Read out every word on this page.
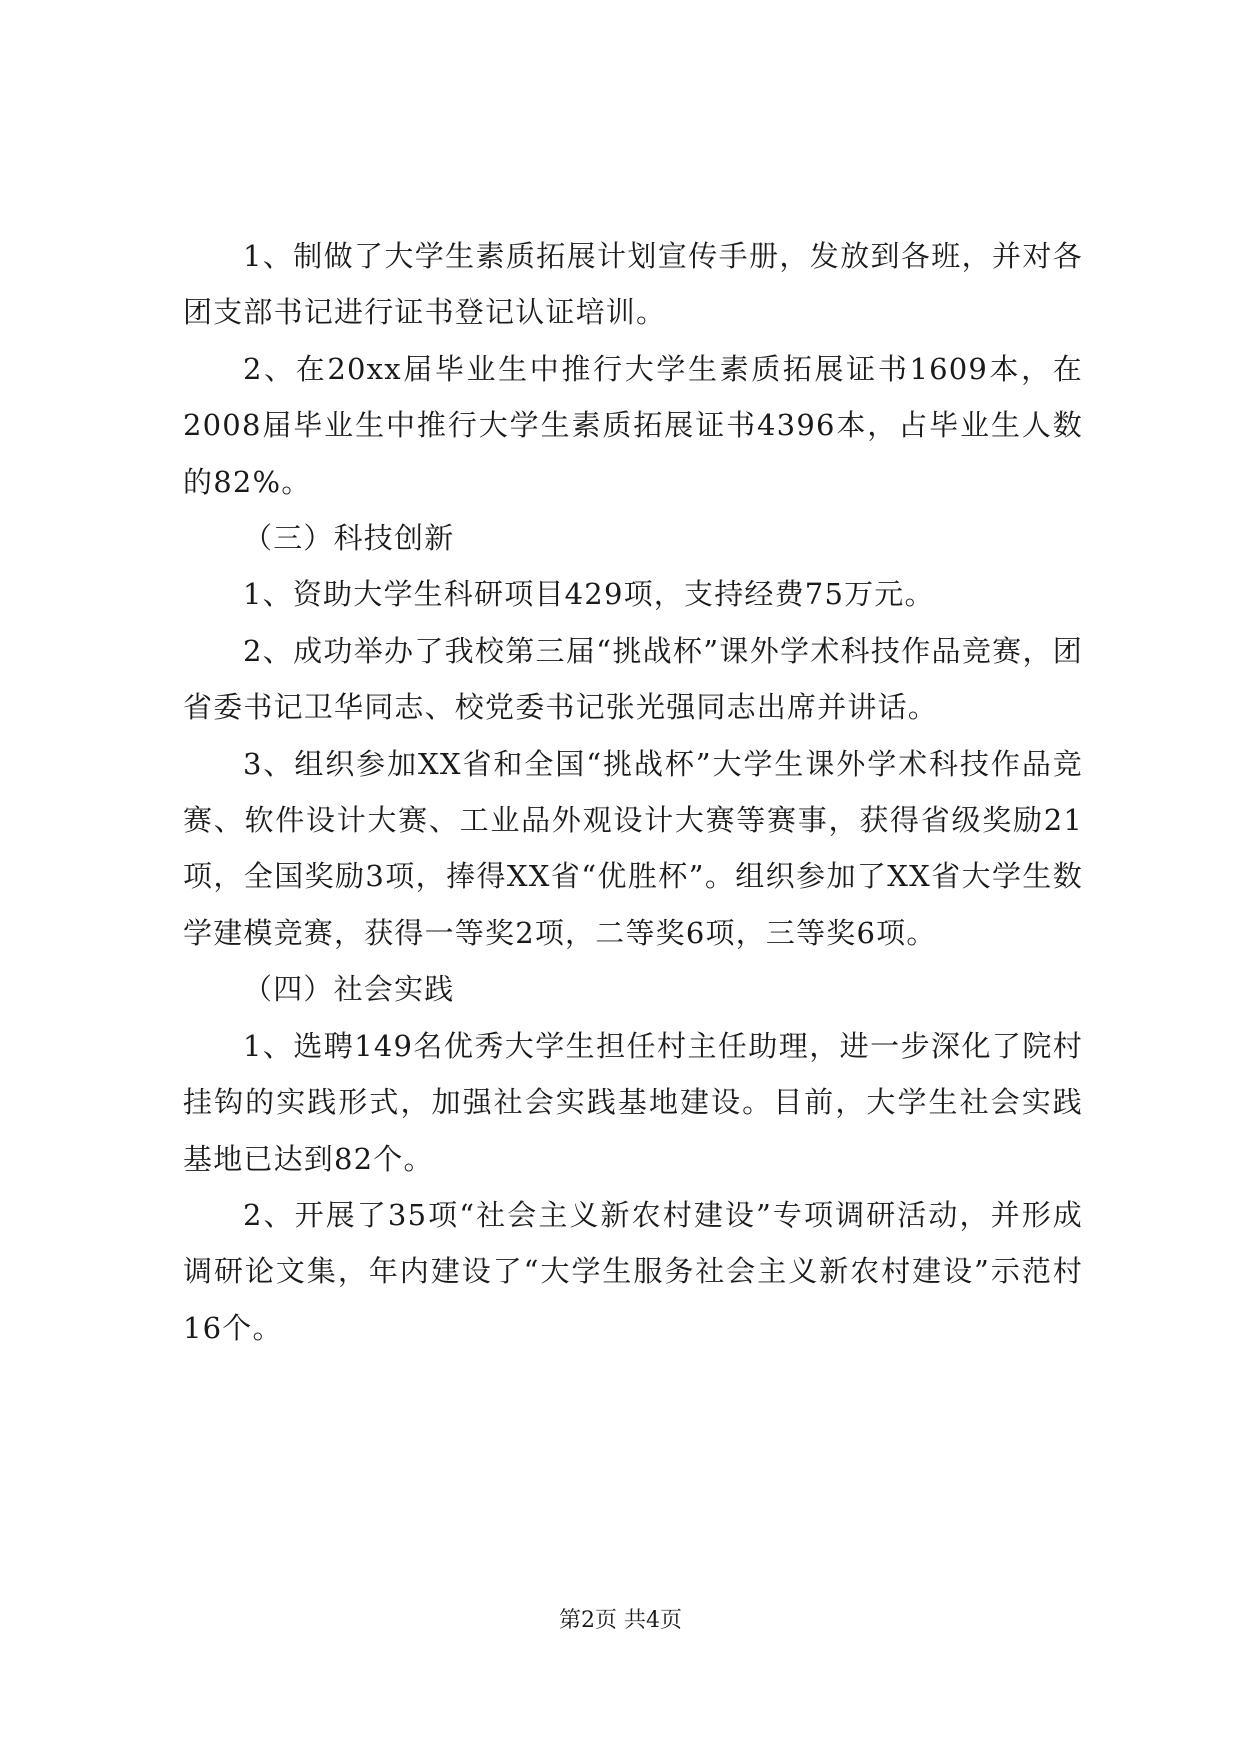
1、制做了大学生素质拓展计划宣传手册，发放到各班，并对各团支部书记进行证书登记认证培训。

2、在20xx届毕业生中推行大学生素质拓展证书1609本，在2008届毕业生中推行大学生素质拓展证书4396本，占毕业生人数的82%。

（三）科技创新

1、资助大学生科研项目429项，支持经费75万元。

2、成功举办了我校第三届“挑战杯”课外学术科技作品竞赛，团省委书记卫华同志、校党委书记张光强同志出席并讲话。

3、组织参加XX省和全国“挑战杯”大学生课外学术科技作品竞赛、软件设计大赛、工业品外观设计大赛等赛事，获得省级奖励21项，全国奖励3项，捧得XX省“优胜杯”。组织参加了XX省大学生数学建模竞赛，获得一等奖2项，二等奖6项，三等奖6项。

（四）社会实践

1、选聘149名优秀大学生担任村主任助理，进一步深化了院村挂钩的实践形式，加强社会实践基地建设。目前，大学生社会实践基地已达到82个。

2、开展了35项“社会主义新农村建设”专项调研活动，并形成调研论文集，年内建设了“大学生服务社会主义新农村建设”示范村16个。

第2页 共4页
